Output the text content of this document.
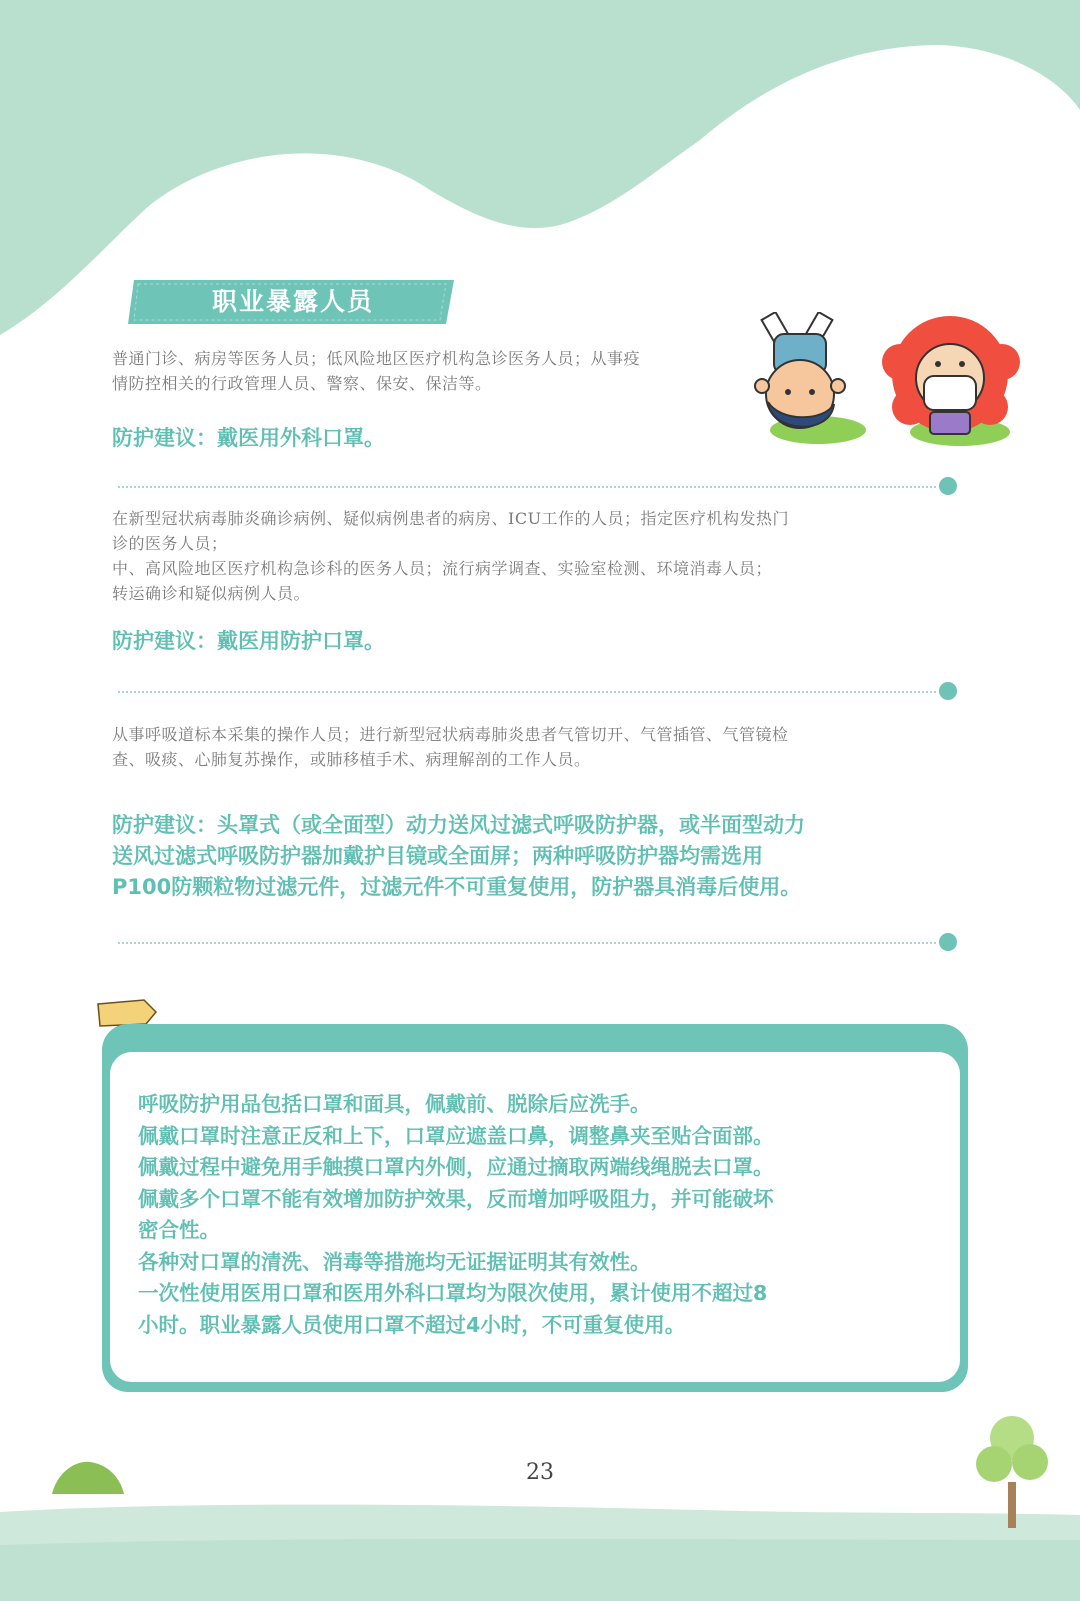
职业暴露人员
普通门诊、病房等医务人员；低风险地区医疗机构急诊医务人员；从事疫
情防控相关的行政管理人员、警察、保安、保洁等。
防护建议：戴医用外科口罩。
在新型冠状病毒肺炎确诊病例、疑似病例患者的病房、ICU工作的人员；指定医疗机构发热门
诊的医务人员；
中、高风险地区医疗机构急诊科的医务人员；流行病学调查、实验室检测、环境消毒人员；
转运确诊和疑似病例人员。
防护建议：戴医用防护口罩。
从事呼吸道标本采集的操作人员；进行新型冠状病毒肺炎患者气管切开、气管插管、气管镜检
查、吸痰、心肺复苏操作，或肺移植手术、病理解剖的工作人员。
防护建议：头罩式（或全面型）动力送风过滤式呼吸防护器，或半面型动力
送风过滤式呼吸防护器加戴护目镜或全面屏；两种呼吸防护器均需选用
P100防颗粒物过滤元件，过滤元件不可重复使用，防护器具消毒后使用。

呼吸防护用品包括口罩和面具，佩戴前、脱除后应洗手。

佩戴口罩时注意正反和上下，口罩应遮盖口鼻，调整鼻夹至贴合面部。

佩戴过程中避免用手触摸口罩内外侧，应通过摘取两端线绳脱去口罩。

佩戴多个口罩不能有效增加防护效果，反而增加呼吸阻力，并可能破坏

密合性。

各种对口罩的清洗、消毒等措施均无证据证明其有效性。

一次性使用医用口罩和医用外科口罩均为限次使用，累计使用不超过8

小时。职业暴露人员使用口罩不超过4小时，不可重复使用。

23
